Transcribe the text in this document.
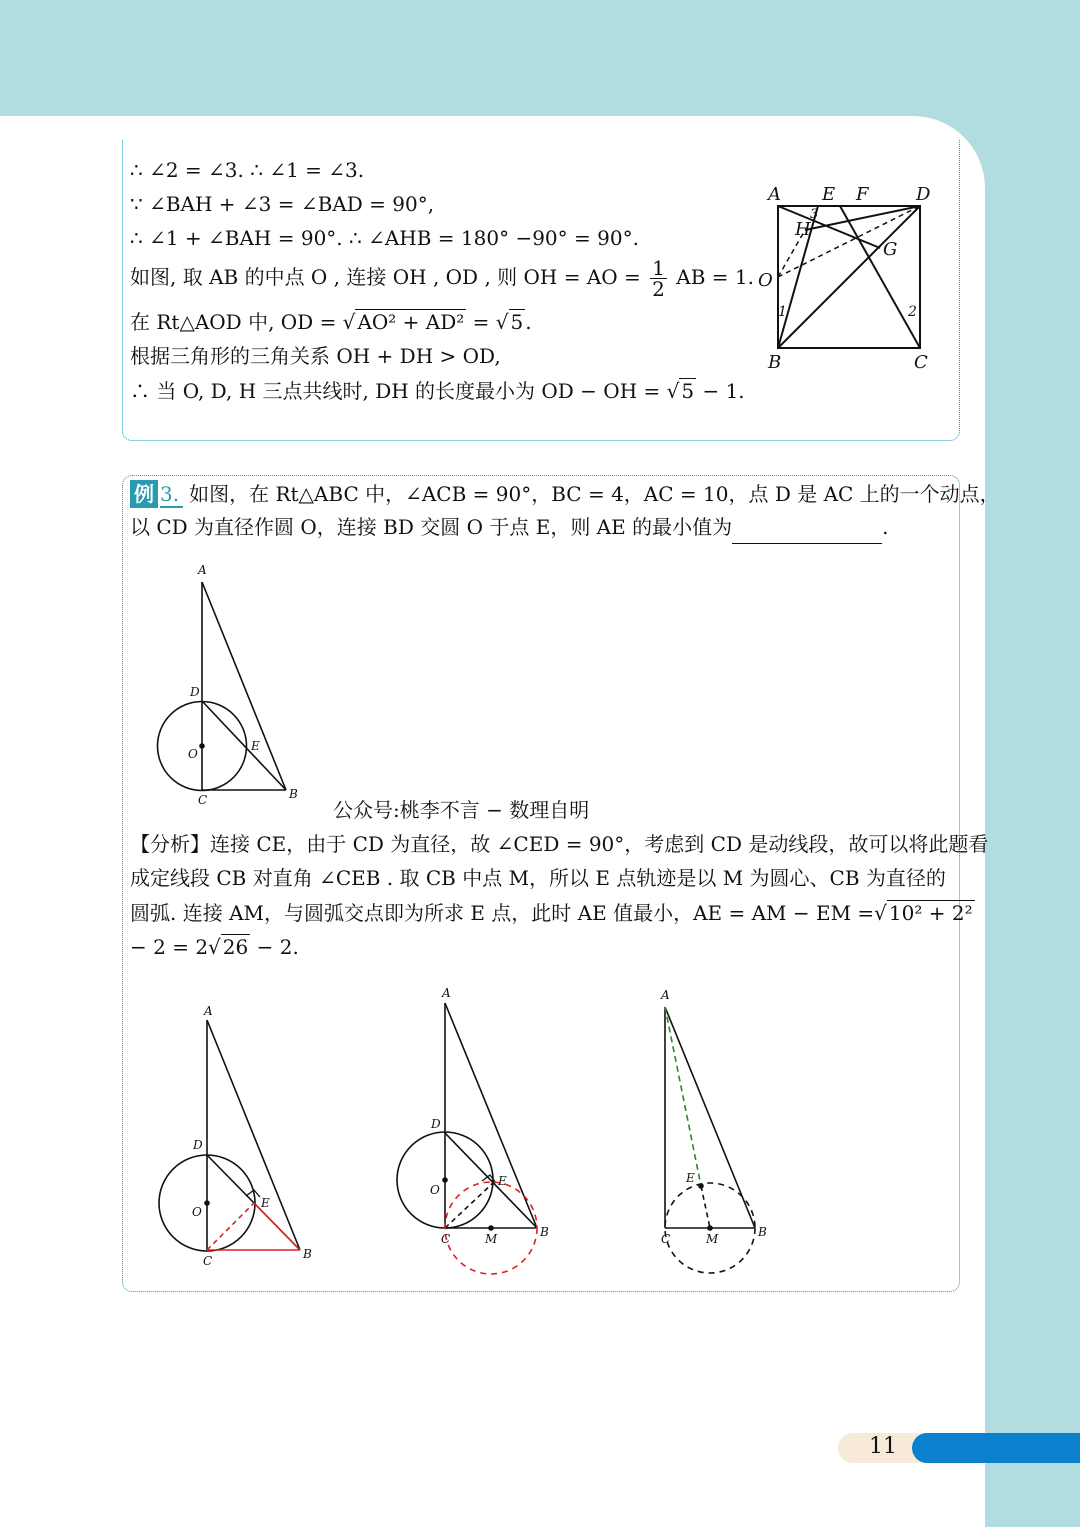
∴ ∠2 = ∠3. ∴ ∠1 = ∠3.
∵ ∠BAH + ∠3 = ∠BAD = 90°,
∴ ∠1 + ∠BAH = 90°. ∴ ∠AHB = 180° −90° = 90°.
如图, 取 AB 的中点 O , 连接 OH , OD , 则 OH = AO = $\frac{1}{2}$ AB = 1.
在 Rt△AOD 中, OD = √ AO² + AD² = √ 5 .
根据三角形的三角关系 OH + DH > OD,
∴ 当 O, D, H 三点共线时, DH 的长度最小为 OD − OH = √ 5 − 1.
A E F	D
H
3
G
O
1	2
B	C
例 3. 如图，在 Rt△ABC 中，∠ACB = 90°，BC = 4，AC = 10，点 D 是 AC 上的一个动点，
以 CD 为直径作圆 O，连接 BD 交圆 O 于点 E，则 AE 的最小值为	.
A
D
O
E
C	B
公众号:桃李不言 − 数理自明
【分析】连接 CE，由于 CD 为直径，故 ∠CED = 90°，考虑到 CD 是动线段，故可以将此题看
成定线段 CB 对直角 ∠CEB . 取 CB 中点 M，所以 E 点轨迹是以 M 为圆心、CB 为直径的
圆弧. 连接 AM，与圆弧交点即为所求 E 点，此时 AE 值最小，AE = AM − EM =√ 10² + 2²
− 2 = 2√ 26 − 2.
A
D
O
E
C	B
A
D
O
E
C	M	B
A
E
C	M	B
11
